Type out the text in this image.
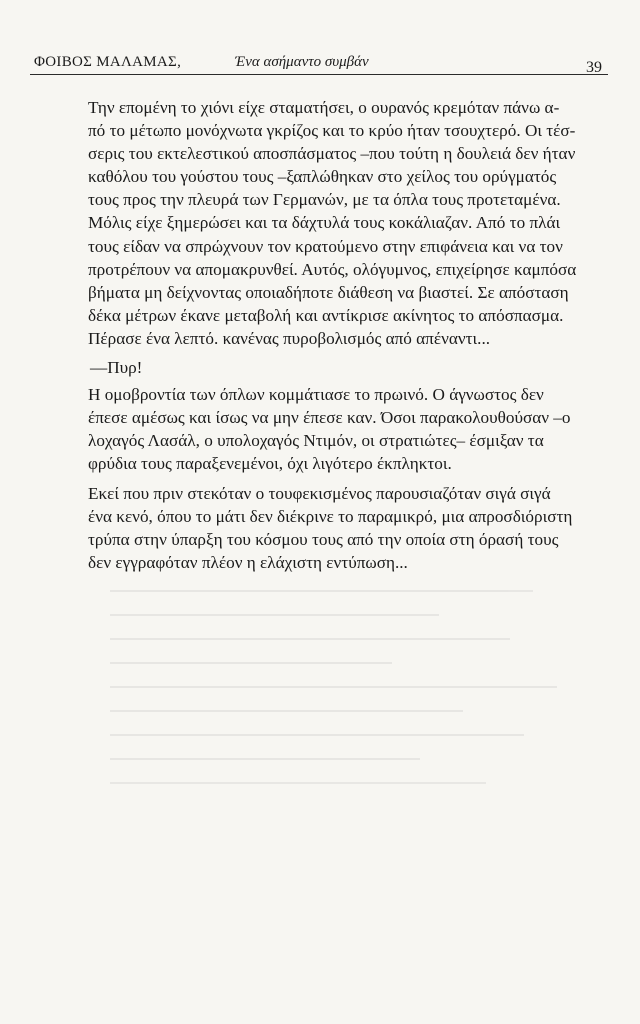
ΦΟΙΒΟΣ ΜΑΛΑΜΑΣ,	Ένα ασήμαντο συμβάν	39

Την επομένη το χιόνι είχε σταματήσει, ο ουρανός κρεμόταν πάνω α-
πό το μέτωπο μονόχνωτα γκρίζος και το κρύο ήταν τσουχτερό. Οι τέσ-
σερις του εκτελεστικού αποσπάσματος –που τούτη η δουλειά δεν ήταν
καθόλου του γούστου τους –ξαπλώθηκαν στο χείλος του ορύγματός
τους προς την πλευρά των Γερμανών, με τα όπλα τους προτεταμένα.
Μόλις είχε ξημερώσει και τα δάχτυλά τους κοκάλιαζαν. Από το πλάι
τους είδαν να σπρώχνουν τον κρατούμενο στην επιφάνεια και να τον
προτρέπουν να απομακρυνθεί. Αυτός, ολόγυμνος, επιχείρησε καμπόσα
βήματα μη δείχνοντας οποιαδήποτε διάθεση να βιαστεί. Σε απόσταση
δέκα μέτρων έκανε μεταβολή και αντίκρισε ακίνητος το απόσπασμα.
Πέρασε ένα λεπτό. κανένας πυροβολισμός από απέναντι...

—Πυρ!

Η ομοβροντία των όπλων κομμάτιασε το πρωινό. Ο άγνωστος δεν
έπεσε αμέσως και ίσως να μην έπεσε καν. Όσοι παρακολουθούσαν –ο
λοχαγός Λασάλ, ο υπολοχαγός Ντιμόν, οι στρατιώτες– έσμιξαν τα
φρύδια τους παραξενεμένοι, όχι λιγότερο έκπληκτοι.

Εκεί που πριν στεκόταν ο τουφεκισμένος παρουσιαζόταν σιγά σιγά
ένα κενό, όπου το μάτι δεν διέκρινε το παραμικρό, μια απροσδιόριστη
τρύπα στην ύπαρξη του κόσμου τους από την οποία στη όρασή τους
δεν εγγραφόταν πλέον η ελάχιστη εντύπωση...
